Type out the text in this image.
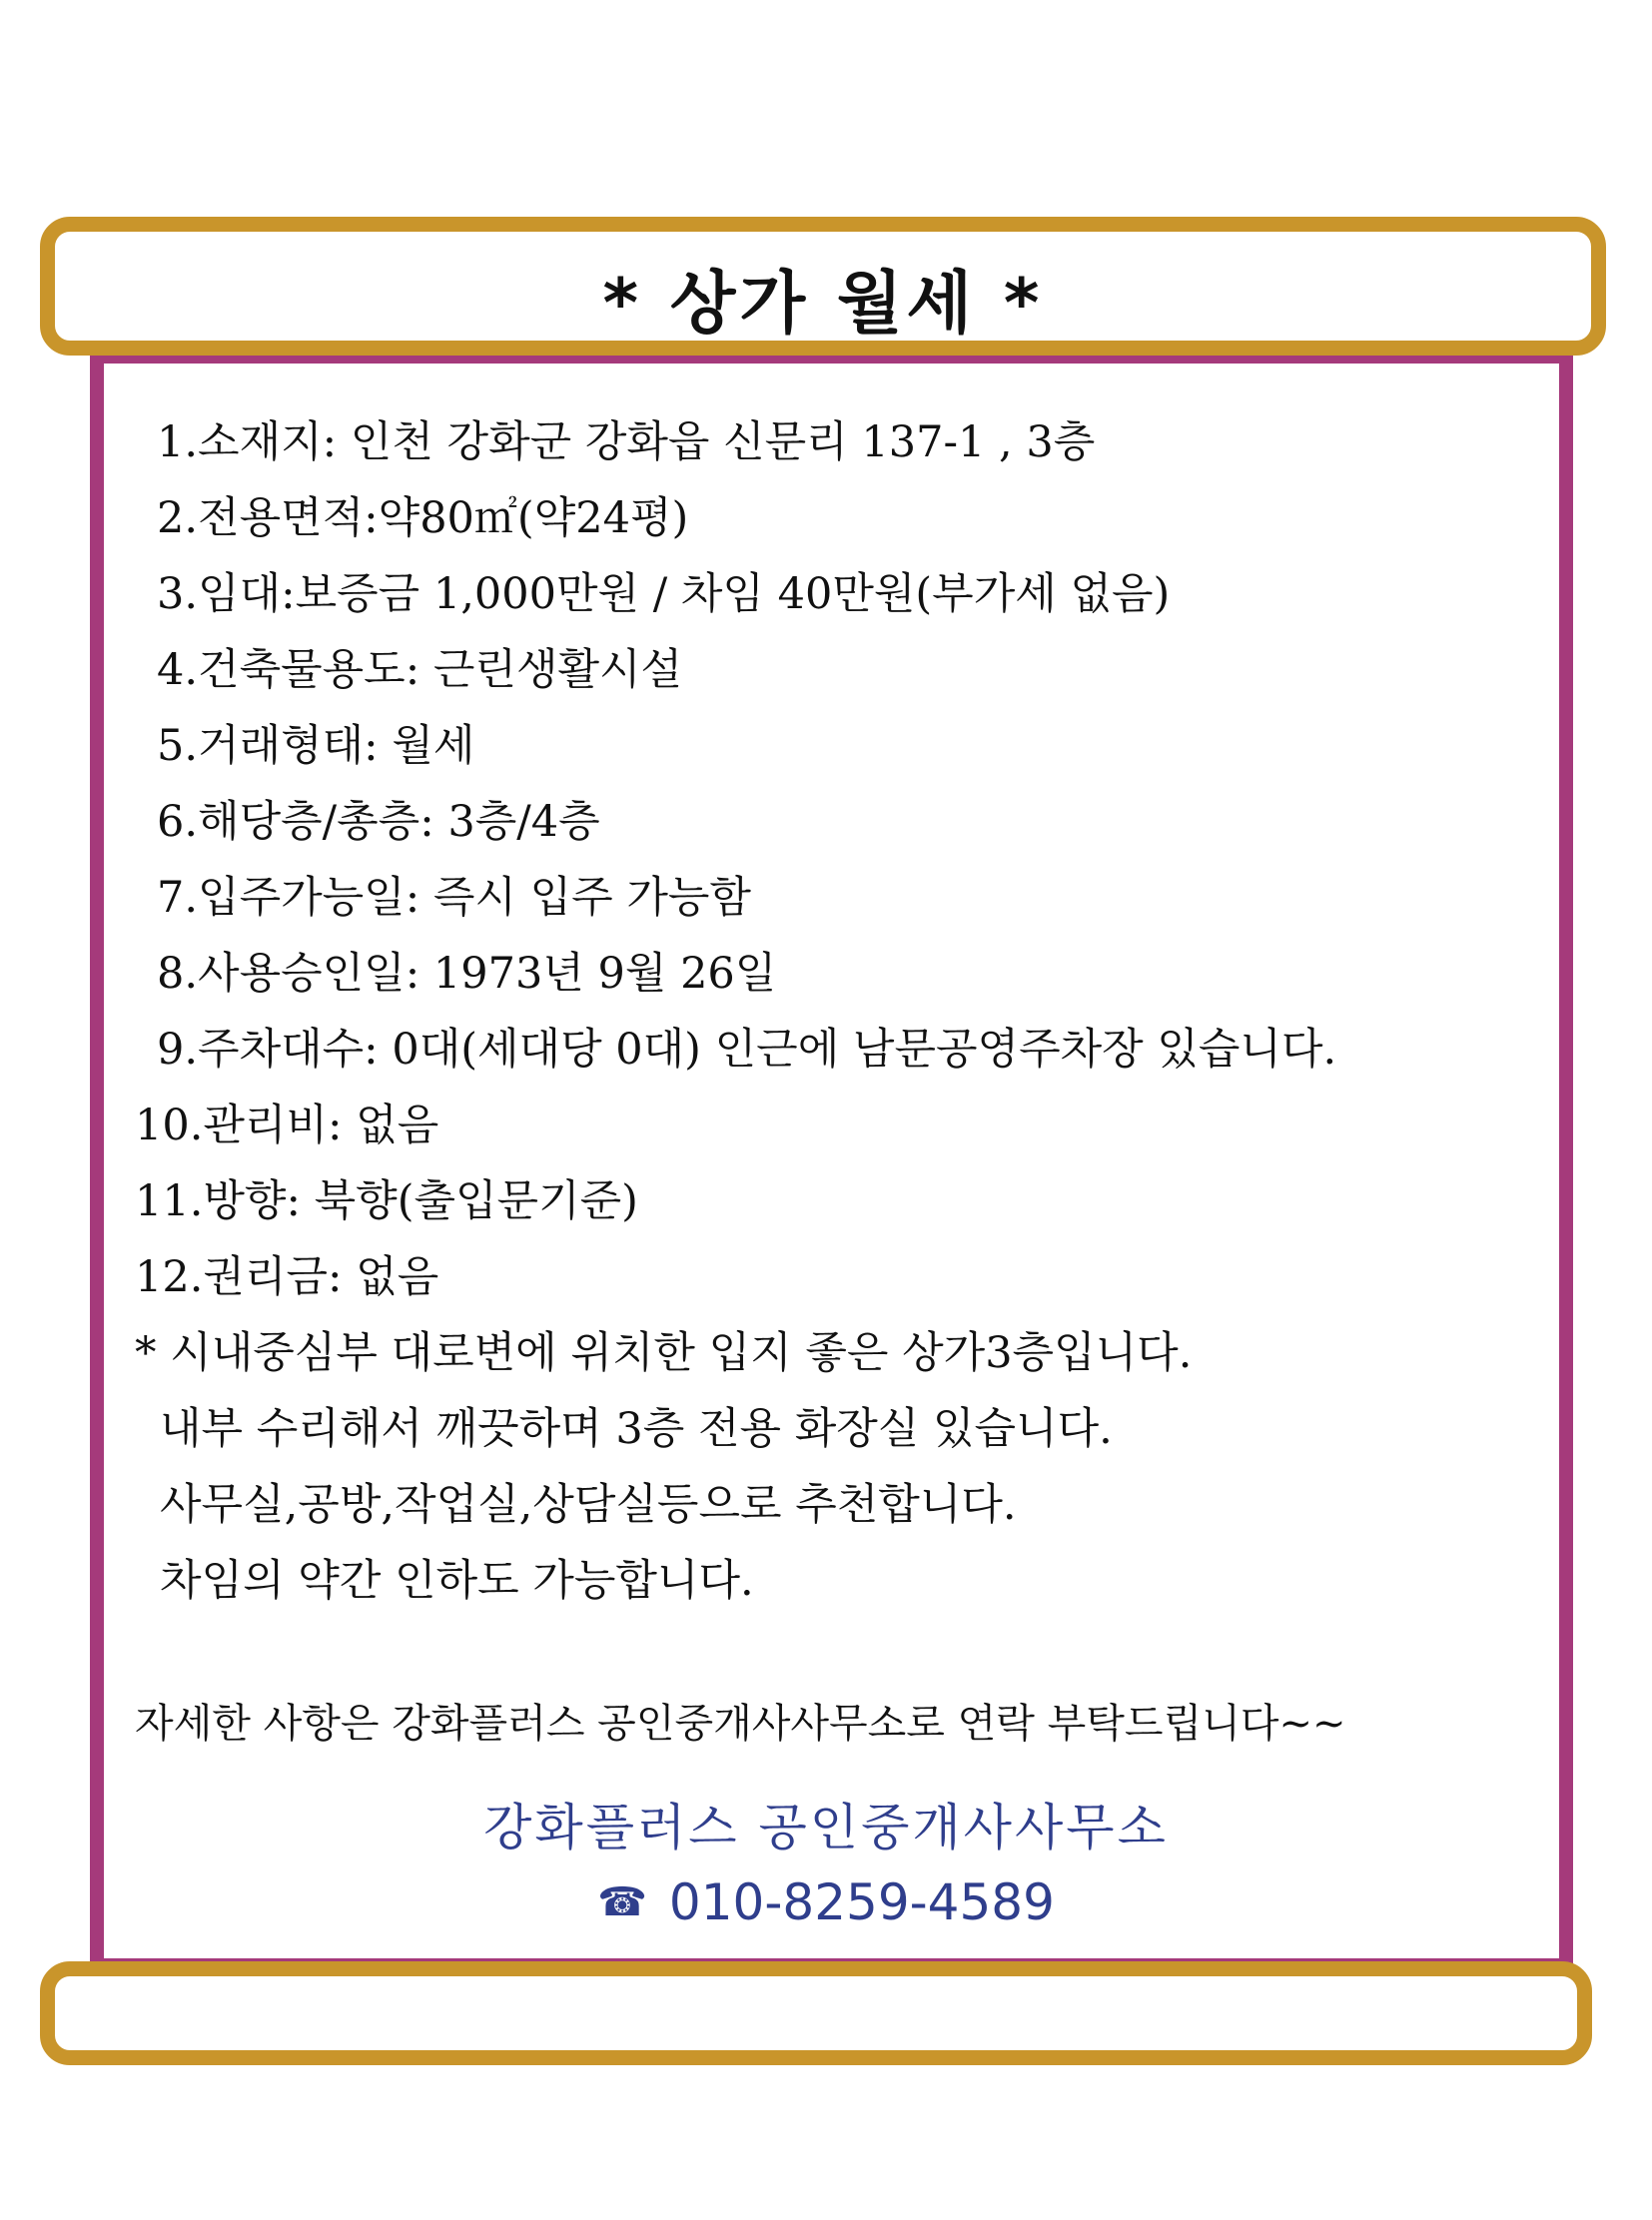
* 상가 월세 *
1.소재지: 인천 강화군 강화읍 신문리 137-1 , 3층
2.전용면적:약80㎡(약24평)
3.임대:보증금 1,000만원 / 차임 40만원(부가세 없음)
4.건축물용도: 근린생활시설
5.거래형태: 월세
6.해당층/총층: 3층/4층
7.입주가능일: 즉시 입주 가능함
8.사용승인일: 1973년 9월 26일
9.주차대수: 0대(세대당 0대) 인근에 남문공영주차장 있습니다.
10.관리비: 없음
11.방향: 북향(출입문기준)
12.권리금: 없음
* 시내중심부 대로변에 위치한 입지 좋은 상가3층입니다.
내부 수리해서 깨끗하며 3층 전용 화장실 있습니다.
사무실,공방,작업실,상담실등으로 추천합니다.
차임의 약간 인하도 가능합니다.
자세한 사항은 강화플러스 공인중개사사무소로 연락 부탁드립니다~~
강화플러스 공인중개사사무소
☎ 010-8259-4589
